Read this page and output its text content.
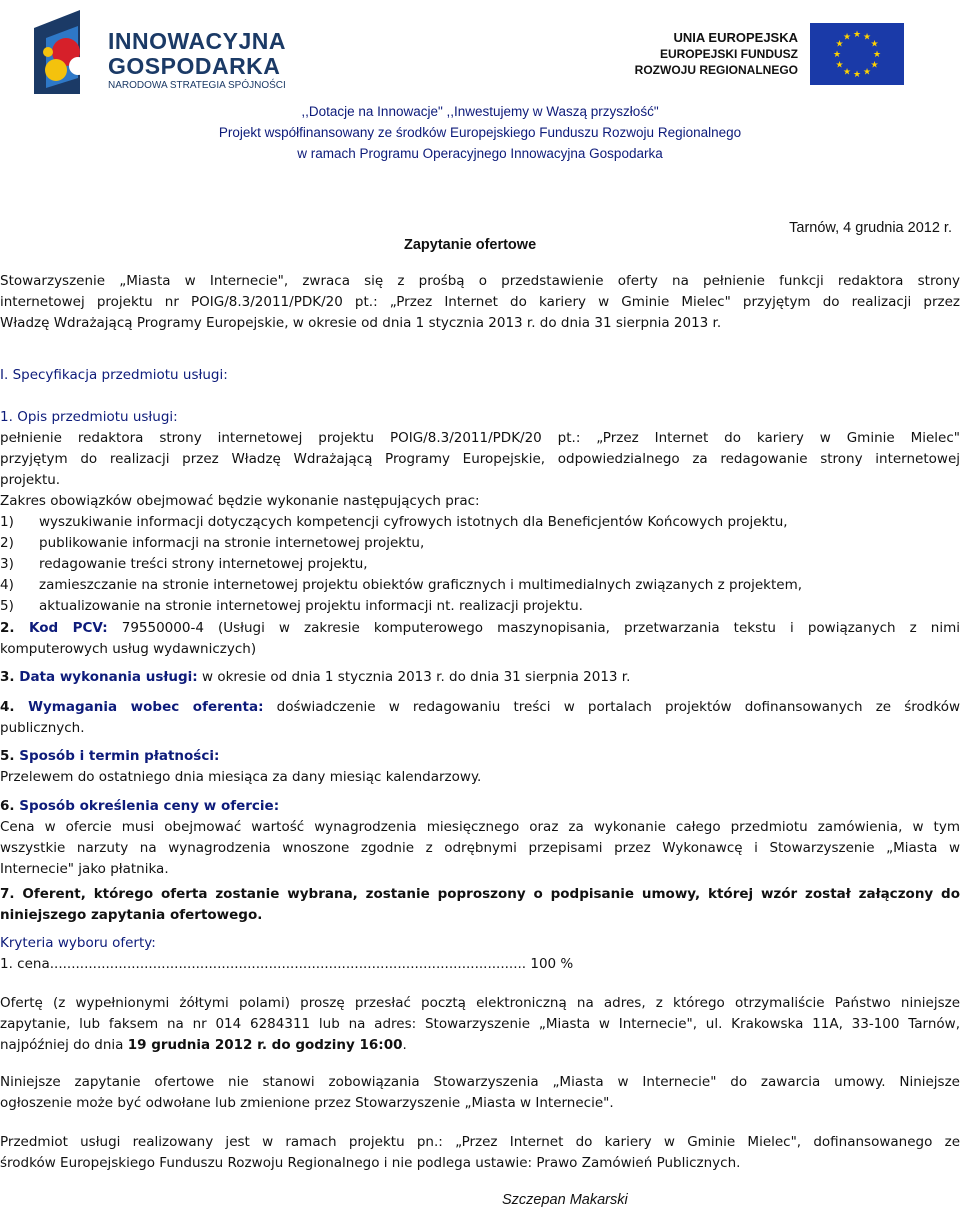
INNOWACYJNA
GOSPODARKA
NARODOWA STRATEGIA SPÓJNOŚCI
UNIA EUROPEJSKA
EUROPEJSKI FUNDUSZ
ROZWOJU REGIONALNEGO
★ ★
★
★
★
★
★
★
★
★
★
★
,,Dotacje na Innowacje" ,,Inwestujemy w Waszą przyszłość"
Projekt współfinansowany ze środków Europejskiego Funduszu Rozwoju Regionalnego
w ramach Programu Operacyjnego Innowacyjna Gospodarka
Tarnów, 4 grudnia 2012 r.
Zapytanie ofertowe
Stowarzyszenie „Miasta w Internecie", zwraca się z prośbą o przedstawienie oferty na pełnienie funkcji redaktora strony
internetowej projektu nr POIG/8.3/2011/PDK/20 pt.: „Przez Internet do kariery w Gminie Mielec" przyjętym do realizacji przez
Władzę Wdrażającą Programy Europejskie, w okresie od dnia 1 stycznia 2013 r. do dnia 31 sierpnia 2013 r.
I. Specyfikacja przedmiotu usługi:
1. Opis przedmiotu usługi:
pełnienie redaktora strony internetowej projektu POIG/8.3/2011/PDK/20 pt.: „Przez Internet do kariery w Gminie Mielec"
przyjętym do realizacji przez Władzę Wdrażającą Programy Europejskie, odpowiedzialnego za redagowanie strony internetowej
projektu.
Zakres obowiązków obejmować będzie wykonanie następujących prac:
1) wyszukiwanie informacji dotyczących kompetencji cyfrowych istotnych dla Beneficjentów Końcowych projektu,
2) publikowanie informacji na stronie internetowej projektu,
3) redagowanie treści strony internetowej projektu,
4) zamieszczanie na stronie internetowej projektu obiektów graficznych i multimedialnych związanych z projektem,
5) aktualizowanie na stronie internetowej projektu informacji nt. realizacji projektu.
2. Kod PCV: 79550000-4 (Usługi w zakresie komputerowego maszynopisania, przetwarzania tekstu i powiązanych z nimi
komputerowych usług wydawniczych)
3. Data wykonania usługi: w okresie od dnia 1 stycznia 2013 r. do dnia 31 sierpnia 2013 r.
4. Wymagania wobec oferenta: doświadczenie w redagowaniu treści w portalach projektów dofinansowanych ze środków
publicznych.
5. Sposób i termin płatności:
Przelewem do ostatniego dnia miesiąca za dany miesiąc kalendarzowy.
6. Sposób określenia ceny w ofercie:
Cena w ofercie musi obejmować wartość wynagrodzenia miesięcznego oraz za wykonanie całego przedmiotu zamówienia, w tym
wszystkie narzuty na wynagrodzenia wnoszone zgodnie z odrębnymi przepisami przez Wykonawcę i Stowarzyszenie „Miasta w
Internecie" jako płatnika.
7. Oferent, którego oferta zostanie wybrana, zostanie poproszony o podpisanie umowy, której wzór został załączony do
niniejszego zapytania ofertowego.
Kryteria wyboru oferty:
1. cena............................................................................................................... 100 %
Ofertę (z wypełnionymi żółtymi polami) proszę przesłać pocztą elektroniczną na adres, z którego otrzymaliście Państwo niniejsze
zapytanie, lub faksem na nr 014 6284311 lub na adres: Stowarzyszenie „Miasta w Internecie", ul. Krakowska 11A, 33-100 Tarnów,
najpóźniej do dnia 19 grudnia 2012 r. do godziny 16:00.
Niniejsze zapytanie ofertowe nie stanowi zobowiązania Stowarzyszenia „Miasta w Internecie" do zawarcia umowy. Niniejsze
ogłoszenie może być odwołane lub zmienione przez Stowarzyszenie „Miasta w Internecie".
Przedmiot usługi realizowany jest w ramach projektu pn.: „Przez Internet do kariery w Gminie Mielec", dofinansowanego ze
środków Europejskiego Funduszu Rozwoju Regionalnego i nie podlega ustawie: Prawo Zamówień Publicznych.
Szczepan Makarski
